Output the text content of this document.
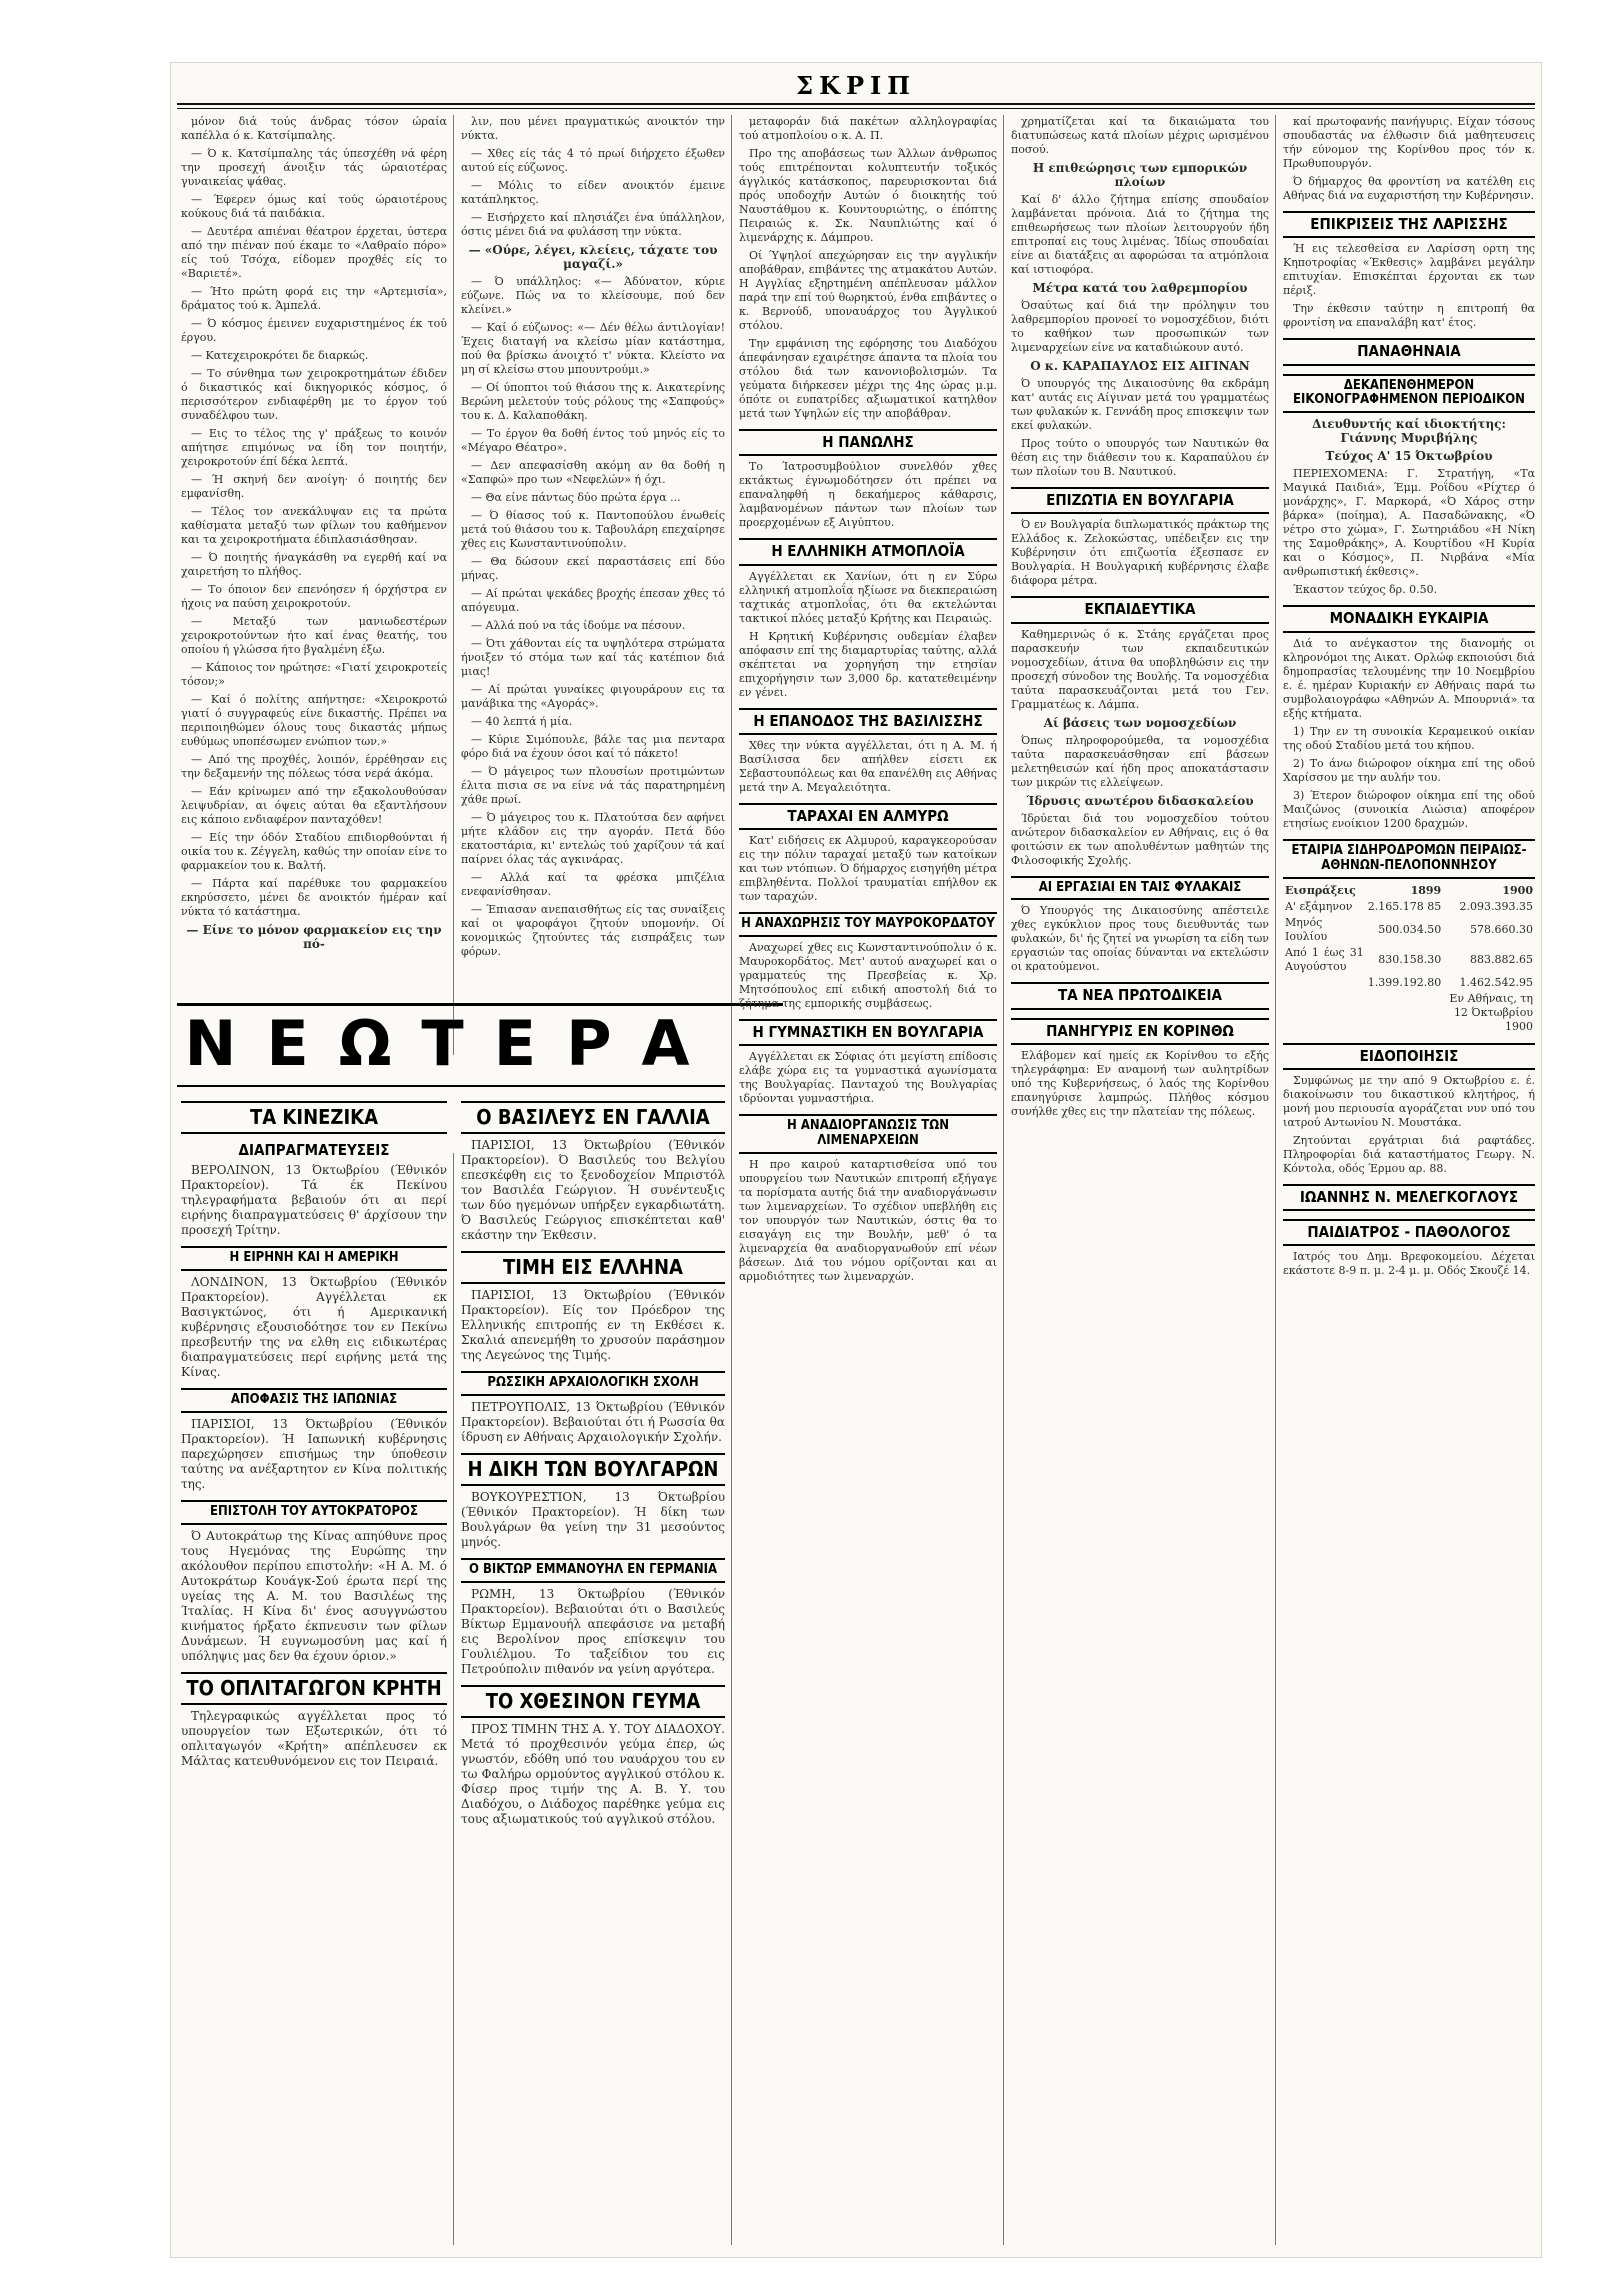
ΣΚΡΙΠ

μόνον διά τούς άνδρας τόσον ώραία καπέλλα ό κ. Κατσίμπαλης.

— Ό κ. Κατσίμπαλης τάς ύπεσχέθη νά φέρη την προσεχή άνοιξιν τάς ώραιοτέρας γυναικείας ψάθας.

— Έφερεν όμως καί τούς ώραιοτέρους κούκους διά τά παιδάκια.

— Δευτέρα απιέναι θέατρον έρχεται, ύστερα από την πιέναν πού έκαμε το «Λαθραίο πόρο» είς τού Τσόχα, είδομεν προχθές είς το «Βαριετέ».

— Ήτο πρώτη φορά εις την «Αρτεμισία», δράματος τού κ. Άμπελά.

— Ό κόσμος έμεινεν ευχαριστημένος έκ τού έργου.

— Κατεχειροκρότει δε διαρκώς.

— Το σύνθημα των χειροκροτημάτων έδιδεν ό δικαστικός καί δικηγορικός κόσμος, ό περισσότερον ενδιαφέρθη με το έργον τού συναδέλφου των.

— Εις το τέλος της γ' πράξεως το κοινόν απήτησε επιμόνως να ίδη τον ποιητήν, χειροκροτούν έπί δέκα λεπτά.

— Ή σκηνή δεν ανοίγη· ό ποιητής δεν εμφανίσθη.

— Τέλος τον ανεκάλυψαν εις τα πρώτα καθίσματα μεταξύ των φίλων του καθήμενον και τα χειροκροτήματα έδιπλασιάσθησαν.

— Ό ποιητής ήναγκάσθη να εγερθή καί να χαιρετήση το πλήθος.

— Το όποιον δεν επενόησεν ή όρχήστρα εν ήχοις να παύση χειροκροτούν.

— Μεταξύ των μανιωδεστέρων χειροκροτούντων ήτο καί ένας θεατής, του οποίου ή γλώσσα ήτο βγαλμένη έξω.

— Κάποιος τον ηρώτησε: «Γιατί χειροκροτείς τόσον;»

— Καί ό πολίτης απήντησε: «Χειροκροτώ γιατί ό συγγραφεύς είνε δικαστής. Πρέπει να περιποιηθώμεν όλους τους δικαστάς μήπως ευθύμως υποπέσωμεν ενώπιον των.»

— Από της προχθές, λοιπόν, έρρέθησαν εις την δεξαμενήν της πόλεως τόσα νερά άκόμα.

— Εάν κρίνωμεν από την εξακολουθούσαν λειψυδρίαν, αι όψεις αύται θα εξαντλήσουν εις κάποιο ενδιαφέρον πανταχόθεν!

— Είς την όδόν Σταδίου επιδιορθούνται ή οικία του κ. Ζέγγελη, καθώς την οποίαν είνε το φαρμακείον του κ. Βαλτή.

— Πάρτα καί παρέθυκε του φαρμακείου εκηρύσσετο, μένει δε ανοικτόν ήμέραν καί νύκτα τό κατάστημα.

— Είνε το μόνον φαρμακείον εις την πό-

λιν, που μένει πραγματικώς ανοικτόν την νύκτα.

— Χθες είς τάς 4 τό πρωί διήρχετο έξωθεν αυτού είς εύζωνος.

— Μόλις το είδεν ανοικτόν έμεινε κατάπληκτος.

— Εισήρχετο καί πλησιάζει ένα ύπάλληλον, όστις μένει διά να φυλάσση την νύκτα.

— «Ούρε, λέγει, κλείεις, τάχατε του μαγαζί.»

— Ό υπάλληλος: «— Άδύνατον, κύριε εύζωνε. Πώς να το κλείσουμε, πού δεν κλείνει.»

— Καί ό εύζωνος: «— Δέν θέλω άντιλογίαν! Έχεις διαταγή να κλείσω μίαν κατάστημα, πού θα βρίσκω άνοιχτό τ' νύκτα. Κλείστο να μη σί κλείσω στου μπουντρούμι.»

— Οί ύποπτοι τού θιάσου της κ. Αικατερίνης Βερώνη μελετούν τούς ρόλους της «Σαπφούς» του κ. Δ. Καλαποθάκη.

— Το έργον θα δοθή έντος τού μηνός είς το «Μέγαρο Θέατρο».

— Δεν απεφασίσθη ακόμη αν θα δοθή η «Σαπφώ» προ των «Νεφελών» ή όχι.

— Θα είνε πάντως δύο πρώτα έργα ...

— Ό θίασος τού κ. Παντοπούλου ένωθείς μετά τού θιάσου του κ. Ταβουλάρη επεχαίρησε χθες εις Κωνσταντινούπολιν.

— Θα δώσουν εκεί παραστάσεις επί δύο μήνας.

— Αί πρώται ψεκάδες βροχής έπεσαν χθες τό απόγευμα.

— Αλλά πού να τάς ίδούμε να πέσουν.

— Ότι χάθονται είς τα υψηλότερα στρώματα ήνοιξεν τό στόμα των καί τάς κατέπιον διά μιας!

— Αί πρώται γυναίκες φιγουράρουν εις τα μανάβικα της «Αγοράς».

— 40 λεπτά ή μία.

— Κύριε Σιμόπουλε, βάλε τας μια πενταρα φόρο διά να έχουν όσοι καί τό πάκετο!

— Ό μάγειρος των πλουσίων προτιμώντων έλιτα πισια σε να είνε νά τάς παρατηρημένη χάθε πρωί.

— Ό μάγειρος του κ. Πλατούτσα δεν αφήνει μήτε κλάδον εις την αγοράν. Πετά δύο εκατοστάρια, κι' εντελώς τού χαρίζουν τά καί παίρνει όλας τάς αγκινάρας.

— Αλλά καί τα φρέσκα μπιζέλια ενεφανίσθησαν.

— Έπιασαν ανεπαισθήτως είς τας συναίξεις καί οι ψαροφάγοι ζητούν υπομονήν. Οί κονομικώς ζητούντες τάς εισπράξεις των φόρων.

ΝΕΩΤΕΡΑ
ΤΑ ΚΙΝΕΖΙΚΑ
ΔΙΑΠΡΑΓΜΑΤΕΥΣΕΙΣ

ΒΕΡΟΛΙΝΟΝ, 13 Όκτωβρίου (Έθνικόν Πρακτορείον). Τά έκ Πεκίνου τηλεγραφήματα βεβαιούν ότι αι περί ειρήνης διαπραγματεύσεις θ' άρχίσουν την προσεχή Τρίτην.

Η ΕΙΡΗΝΗ ΚΑΙ Η ΑΜΕΡΙΚΗ

ΛΟΝΔΙΝΟΝ, 13 Όκτωβρίου (Έθνικόν Πρακτορείον). Αγγέλλεται εκ Βασιγκτώνος, ότι ή Αμερικανική κυβέρνησις εξουσιοδότησε τον εν Πεκίνω πρεσβευτήν της να ελθη εις ειδικωτέρας διαπραγματεύσεις περί ειρήνης μετά της Κίνας.

ΑΠΟΦΑΣΙΣ ΤΗΣ ΙΑΠΩΝΙΑΣ

ΠΑΡΙΣΙΟΙ, 13 Όκτωβρίου (Έθνικόν Πρακτορείον). Ή Ιαπωνική κυβέρνησις παρεχώρησεν επισήμως την ύποθεσιν ταύτης να ανέξαρτητον εν Κίνα πολιτικής της.

ΕΠΙΣΤΟΛΗ ΤΟΥ ΑΥΤΟΚΡΑΤΟΡΟΣ

Ό Αυτοκράτωρ της Κίνας απηύθυνε προς τους Ηγεμόνας της Ευρώπης την ακόλουθον περίπου επιστολήν: «Η Α. Μ. ό Αυτοκράτωρ Κουάγκ-Σού έρωτα περί της υγείας της Α. Μ. του Βασιλέως της Ίταλίας. Η Κίνα δι' ένος ασυγγνώστου κινήματος ήρξατο έκπνευσιν των φίλων Δυνάμεων. Ή ευγνωμοσύνη μας καί ή υπόληψις μας δεν θα έχουν όριον.»

ΤΟ ΟΠΛΙΤΑΓΩΓΟΝ ΚΡΗΤΗ

Τηλεγραφικώς αγγέλλεται προς τό υπουργείον των Εξωτερικών, ότι τό οπλιταγωγόν «Κρήτη» απέπλευσεν εκ Μάλτας κατευθυνόμενον εις τον Πειραιά.

Ο ΒΑΣΙΛΕΥΣ ΕΝ ΓΑΛΛΙΑ

ΠΑΡΙΣΙΟΙ, 13 Όκτωβρίου (Έθνικόν Πρακτορείον). Ό Βασιλεύς του Βελγίου επεσκέφθη εις το ξενοδοχείον Μπριστόλ τον Βασιλέα Γεώργιον. Ή συνέντευξις των δύο ηγεμόνων υπήρξεν εγκαρδιωτάτη. Ό Βασιλεύς Γεώργιος επισκέπτεται καθ' εκάστην την Έκθεσιν.

ΤΙΜΗ ΕΙΣ ΕΛΛΗΝΑ

ΠΑΡΙΣΙΟΙ, 13 Όκτωβρίου (Έθνικόν Πρακτορείον). Είς τον Πρόεδρον της Ελληνικής επιτροπής εν τη Εκθέσει κ. Σκαλιά απενεμήθη το χρυσούν παράσημον της Λεγεώνος της Τιμής.

ΡΩΣΣΙΚΗ ΑΡΧΑΙΟΛΟΓΙΚΗ ΣΧΟΛΗ

ΠΕΤΡΟΥΠΟΛΙΣ, 13 Όκτωβρίου (Έθνικόν Πρακτορείον). Βεβαιούται ότι ή Ρωσσία θα ίδρυση εν Αθήναις Αρχαιολογικήν Σχολήν.

Η ΔΙΚΗ ΤΩΝ ΒΟΥΛΓΑΡΩΝ

ΒΟΥΚΟΥΡΕΣΤΙΟΝ, 13 Όκτωβρίου (Έθνικόν Πρακτορείον). Ή δίκη των Βουλγάρων θα γείνη την 31 μεσούντος μηνός.

Ο ΒΙΚΤΩΡ ΕΜΜΑΝΟΥΗΛ ΕΝ ΓΕΡΜΑΝΙΑ

ΡΩΜΗ, 13 Όκτωβρίου (Έθνικόν Πρακτορείον). Βεβαιούται ότι ο Βασιλεύς Βίκτωρ Εμμανουήλ απεφάσισε να μεταβή εις Βερολίνον προς επίσκεψιν του Γουλιέλμου. Το ταξείδιον του εις Πετρούπολιν πιθανόν να γείνη αργότερα.

ΤΟ ΧΘΕΣΙΝΟΝ ΓΕΥΜΑ

ΠΡΟΣ ΤΙΜΗΝ ΤΗΣ Α. Υ. ΤΟΥ ΔΙΑΔΟΧΟΥ. Μετά τό προχθεσινόν γεύμα έπερ, ώς γνωστόν, εδόθη υπό του ναυάρχου του εν τω Φαλήρω ορμούντος αγγλικού στόλου κ. Φίσερ προς τιμήν της Α. Β. Υ. του Διαδόχου, ο Διάδοχος παρέθηκε γεύμα εις τους αξιωματικούς τού αγγλικού στόλου.

μεταφοράν διά πακέτων αλληλογραφίας τού ατμοπλοίου ο κ. Α. Π.

Προ της αποβάσεως των Άλλων άνθρωπος τούς επιτρέπονται κολυπτευτήν τοξικός άγγλικός κατάσκοπος, παρευρισκονται διά πρός υποδοχήν Αυτών ό διοικητής τού Ναυστάθμου κ. Κουντουριώτης, ο έπόπτης Πειραιώς κ. Σκ. Ναυπλιώτης καί ό λιμενάρχης κ. Δάμπρου.

Οί Ύψηλοί απεχώρησαν εις την αγγλικήν αποβάθραν, επιβάντες της ατμακάτου Αυτών. Η Αγγλίας εξηρτημένη απέπλευσαν μάλλον παρά την επί τού θωρηκτού, ένθα επιβάντες ο κ. Βερνούδ, υποναυάρχος του Άγγλικού στόλου.

Την εμφάνιση της εφόρησης του Διαδόχου άπεφάνησαν εχαιρέτησε άπαντα τα πλοία του στόλου διά των κανονιοβολισμών. Τα γεύματα διήρκεσεν μέχρι της 4ης ώρας μ.μ. όπότε οι ευπατρίδες αξιωματικοί κατηλθον μετά των Υψηλών είς την αποβάθραν.

Η ΠΑΝΩΛΗΣ

Το Ίατροσυμβούλιον συνελθόν χθες εκτάκτως έγνωμοδότησεν ότι πρέπει να επαναληφθή η δεκαήμερος κάθαρσις, λαμβανομένων πάντων των πλοίων των προερχομένων εξ Αιγύπτου.

Η ΕΛΛΗΝΙΚΗ ΑΤΜΟΠΛΟΪΑ

Αγγέλλεται εκ Χανίων, ότι η εν Σύρω ελληνική ατμοπλοΐα ηξίωσε να διεκπεραιώση ταχτικάς ατμοπλοΐας, ότι θα εκτελώνται τακτικοί πλόες μεταξύ Κρήτης και Πειραιώς.

Η Κρητική Κυβέρνησις ουδεμίαν έλαβεν απόφασιν επί της διαμαρτυρίας ταύτης, αλλά σκέπτεται να χορηγήση την ετησίαν επιχορήγησιν των 3,000 δρ. κατατεθειμένην εν γένει.

Η ΕΠΑΝΟΔΟΣ ΤΗΣ ΒΑΣΙΛΙΣΣΗΣ

Χθες την νύκτα αγγέλλεται, ότι η Α. Μ. ή Βασίλισσα δεν απήλθεν είσετι εκ Σεβαστουπόλεως και θα επανέλθη εις Αθήνας μετά την Α. Μεγαλειότητα.

ΤΑΡΑΧΑΙ ΕΝ ΑΛΜΥΡΩ

Κατ' ειδήσεις εκ Αλμυρού, καραγκεορούσαν εις την πόλιν ταραχαί μεταξύ των κατοίκων και των ντόπιων. Ό δήμαρχος εισηγήθη μέτρα επιβληθέντα. Πολλοί τραυματίαι επήλθον εκ των ταραχών.

Η ΑΝΑΧΩΡΗΣΙΣ ΤΟΥ ΜΑΥΡΟΚΟΡΔΑΤΟΥ

Αναχωρεί χθες εις Κωνσταντινούπολιν ό κ. Μαυροκορδάτος. Μετ' αυτού αναχωρεί και ο γραμματεύς της Πρεσβείας κ. Χρ. Μητσόπουλος επί ειδική αποστολή διά το ζήτημα της εμπορικής συμβάσεως.

Η ΓΥΜΝΑΣΤΙΚΗ ΕΝ ΒΟΥΛΓΑΡΙΑ

Αγγέλλεται εκ Σόφιας ότι μεγίστη επίδοσις ελάβε χώρα εις τα γυμναστικά αγωνίσματα της Βουλγαρίας. Πανταχού της Βουλγαρίας ιδρύονται γυμναστήρια.

Η ΑΝΑΔΙΟΡΓΑΝΩΣΙΣ ΤΩΝ ΛΙΜΕΝΑΡΧΕΙΩΝ

Η προ καιρού καταρτισθείσα υπό του υπουργείου των Ναυτικών επιτροπή εξήγαγε τα πορίσματα αυτής διά την αναδιοργάνωσιν των λιμεναρχείων. Το σχέδιον υπεβλήθη εις τον υπουργόν των Ναυτικών, όστις θα το εισαγάγη εις την Βουλήν, μεθ' ό τα λιμεναρχεία θα αναδιοργανωθούν επί νέων βάσεων. Διά του νόμου ορίζονται και αι αρμοδιότητες των λιμεναρχών.

χρηματίζεται καί τα δικαιώματα του διατυπώσεως κατά πλοίων μέχρις ωρισμένου ποσού.

Η επιθεώρησις των εμπορικών πλοίων

Καί δ' άλλο ζήτημα επίσης σπουδαίον λαμβάνεται πρόνοια. Διά το ζήτημα της επιθεωρήσεως των πλοίων λειτουργούν ήδη επιτροπαί εις τους λιμένας. Ίδίως σπουδαίαι είνε αι διατάξεις αι αφορώσαι τα ατμόπλοια καί ιστιοφόρα.

Μέτρα κατά του λαθρεμπορίου

Όσαύτως καί διά την πρόληψιν του λαθρεμπορίου προνοεί το νομοσχέδιον, διότι το καθήκον των προσωπικών των λιμεναρχείων είνε να καταδιώκουν αυτό.

Ο κ. ΚΑΡΑΠΑΥΛΟΣ ΕΙΣ ΑΙΓΙΝΑΝ

Ό υπουργός της Δικαιοσύνης θα εκδράμη κατ' αυτάς εις Αίγιναν μετά του γραμματέως των φυλακών κ. Γεννάδη προς επισκεψιν των εκεί φυλακών.

Προς τούτο ο υπουργός των Ναυτικών θα θέση εις την διάθεσιν του κ. Καραπαύλου έν των πλοίων του Β. Ναυτικού.

ΕΠΙΖΩΤΙΑ ΕΝ ΒΟΥΛΓΑΡΙΑ

Ό εν Βουλγαρία διπλωματικός πράκτωρ της Ελλάδος κ. Ζελοκώστας, υπέδειξεν εις την Κυβέρνησιν ότι επιζωοτία έξεσπασε εν Βουλγαρία. Η Βουλγαρική κυβέρνησις έλαβε διάφορα μέτρα.

ΕΚΠΑΙΔΕΥΤΙΚΑ

Καθημερινώς ό κ. Στάης εργάζεται προς παρασκευήν των εκπαιδευτικών νομοσχεδίων, άτινα θα υποβληθώσιν εις την προσεχή σύνοδον της Βουλής. Τα νομοσχέδια ταύτα παρασκευάζονται μετά του Γεν. Γραμματέως κ. Λάμπα.

Αί βάσεις των νομοσχεδίων

Όπως πληροφορούμεθα, τα νομοσχέδια ταύτα παρασκευάσθησαν επί βάσεων μελετηθεισών καί ήδη προς αποκατάστασιν των μικρών τις ελλείψεων.

Ίδρυσις ανωτέρου διδασκαλείου

Ίδρύεται διά του νομοσχεδίου τούτου ανώτερον διδασκαλείον εν Αθήναις, εις ό θα φοιτώσιν εκ των απολυθέντων μαθητών της Φιλοσοφικής Σχολής.

ΑΙ ΕΡΓΑΣΙΑΙ ΕΝ ΤΑΙΣ ΦΥΛΑΚΑΙΣ

Ό Υπουργός της Δικαιοσύνης απέστειλε χθες εγκύκλιον προς τους διευθυντάς των φυλακών, δι' ής ζητεί να γνωρίση τα είδη των εργασιών τας οποίας δύνανται να εκτελώσιν οι κρατούμενοι.

ΤΑ ΝΕΑ ΠΡΩΤΟΔΙΚΕΙΑ
ΠΑΝΗΓΥΡΙΣ ΕΝ ΚΟΡΙΝΘΩ

Ελάβομεν καί ημείς εκ Κορίνθου το εξής τηλεγράφημα: Εν αναμονή των αυλητρίδων υπό της Κυβερνήσεως, ό λαός της Κορίνθου επανηγύρισε λαμπρώς. Πλήθος κόσμου συνήλθε χθες εις την πλατείαν της πόλεως.

καί πρωτοφανής πανήγυρις. Είχαν τόσους σπουδαστάς να έλθωσιν διά μαθητευσεις τήν εύνομον της Κορίνθου προς τόν κ. Πρωθυπουργόν.

Ό δήμαρχος θα φροντίση να κατέλθη εις Αθήνας διά να ευχαριστήση την Κυβέρνησιν.

ΕΠΙΚΡΙΣΕΙΣ ΤΗΣ ΛΑΡΙΣΣΗΣ

Ή εις τελεσθείσα εν Λαρίσση ορτη της Κηποτροφίας «Έκθεσις» λαμβάνει μεγάλην επιτυχίαν. Επισκέπται έρχονται εκ των πέριξ.

Την έκθεσιν ταύτην η επιτροπή θα φροντίση να επαναλάβη κατ' έτος.

ΠΑΝΑΘΗΝΑΙΑ
ΔΕΚΑΠΕΝΘΗΜΕΡΟΝ ΕΙΚΟΝΟΓΡΑΦΗΜΕΝΟΝ ΠΕΡΙΟΔΙΚΟΝ
Διευθυντής καί ιδιοκτήτης: Γιάννης Μυριβήλης
Τεύχος Α' 15 Όκτωβρίου

ΠΕΡΙΕΧΟΜΕΝΑ: Γ. Στρατήγη, «Τα Μαγικά Παιδιά», Έμμ. Ροΐδου «Ρίχτερ ό μονάρχης», Γ. Μαρκορά, «Ό Χάρος στην βάρκα» (ποίημα), Α. Πασαδώνακης, «Ό νέτρο στο χώμα», Γ. Σωτηριάδου «Η Νίκη της Σαμοθράκης», Α. Κουρτίδου «Η Κυρία και ο Κόσμος», Π. Νιρβάνα «Μία ανθρωπιστική έκθεσις».

Έκαστον τεύχος δρ. 0.50.

ΜΟΝΑΔΙΚΗ ΕΥΚΑΙΡΙΑ

Διά το ανέγκαστον της διανομής οι κληρονόμοι της Αικατ. Ορλώφ εκποιούσι διά δημοπρασίας τελουμένης την 10 Νοεμβρίου ε. έ. ημέραν Κυριακήν εν Αθήναις παρά τω συμβολαιογράφω «Αθηνών Α. Μπουρνιά» τα εξής κτήματα.

1) Την εν τη συνοικία Κεραμεικού οικίαν της οδού Σταδίου μετά του κήπου.

2) Το άνω διώροφον οίκημα επί της οδού Χαρίσσου με την αυλήν του.

3) Έτερον διώροφον οίκημα επί της οδού Μαιζώνος (συνοικία Λιώσια) αποφέρον ετησίως ενοίκιον 1200 δραχμών.

ΕΤΑΙΡΙΑ ΣΙΔΗΡΟΔΡΟΜΩΝ ΠΕΙΡΑΙΩΣ-ΑΘΗΝΩΝ-ΠΕΛΟΠΟΝΝΗΣΟΥ
Εισπράξεις	1899	1900
Α' εξάμηνον	2.165.178 85	2.093.393.35
Μηνός Ιουλίου	500.034.50	578.660.30
Από 1 έως 31 Αυγούστου	830.158.30	883.882.65
	1.399.192.80	1.462.542.95
		Εν Αθήναις, τη 12 Όκτωβρίου 1900
ΕΙΔΟΠΟΙΗΣΙΣ

Συμφώνως με την από 9 Οκτωβρίου ε. έ. διακοίνωσιν του δικαστικού κλητήρος, ή μονή μου περιουσία αγοράζεται νυν υπό του ιατρού Αντωνίου Ν. Μουστάκα.

Ζητούνται εργάτριαι διά ραφτάδες. Πληροφορίαι διά καταστήματος Γεωργ. Ν. Κόντολα, οδός Έρμου αρ. 88.

ΙΩΑΝΝΗΣ Ν. ΜΕΛΕΓΚΟΓΛΟΥΣ
ΠΑΙΔΙΑΤΡΟΣ - ΠΑΘΟΛΟΓΟΣ

Ιατρός του Δημ. Βρεφοκομείου. Δέχεται εκάστοτε 8-9 π. μ. 2-4 μ. μ. Οδός Σκουζέ 14.
